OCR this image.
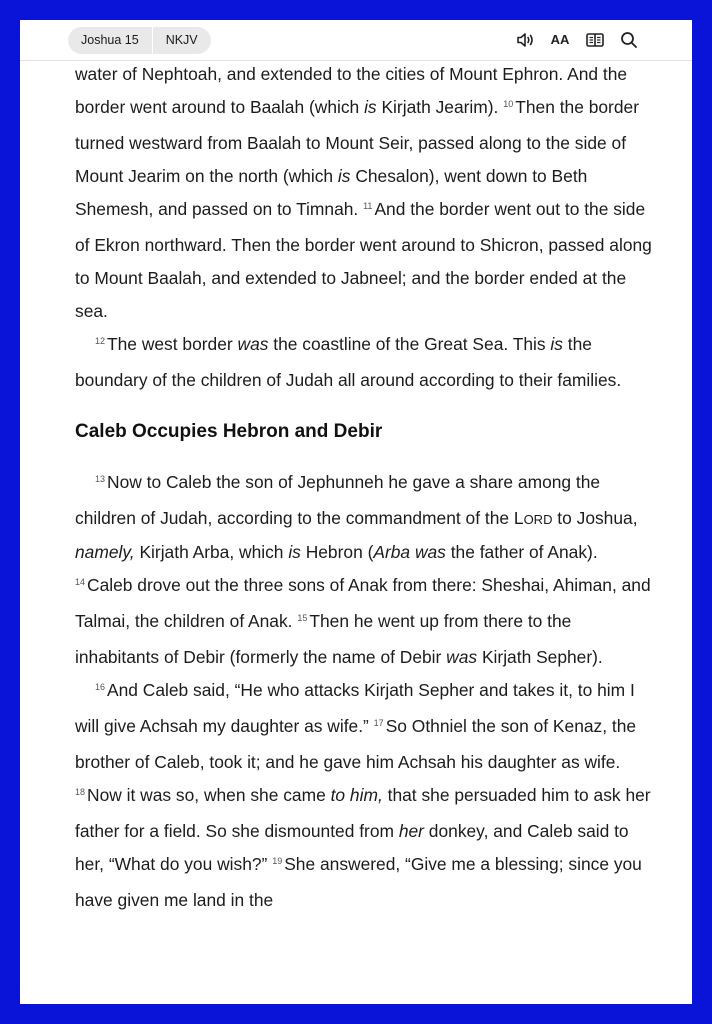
Joshua 15	NKJV	AA

water of Nephtoah, and extended to the cities of Mount Ephron. And the border went around to Baalah (which is Kirjath Jearim). $^{10}$ Then the border turned westward from Baalah to Mount Seir, passed along to the side of Mount Jearim on the north (which is Chesalon), went down to Beth Shemesh, and passed on to Timnah. $^{11}$ And the border went out to the side of Ekron northward. Then the border went around to Shicron, passed along to Mount Baalah, and extended to Jabneel; and the border ended at the sea.

$^{12}$ The west border was the coastline of the Great Sea. This is the boundary of the children of Judah all around according to their families.

Caleb Occupies Hebron and Debir

$^{13}$ Now to Caleb the son of Jephunneh he gave a share among the children of Judah, according to the commandment of the LORD to Joshua, namely, Kirjath Arba, which is Hebron (Arba was the father of Anak). $^{14}$ Caleb drove out the three sons of Anak from there: Sheshai, Ahiman, and Talmai, the children of Anak. $^{15}$ Then he went up from there to the inhabitants of Debir (formerly the name of Debir was Kirjath Sepher).

$^{16}$ And Caleb said, “He who attacks Kirjath Sepher and takes it, to him I will give Achsah my daughter as wife.” $^{17}$ So Othniel the son of Kenaz, the brother of Caleb, took it; and he gave him Achsah his daughter as wife. $^{18}$ Now it was so, when she came to him, that she persuaded him to ask her father for a field. So she dismounted from her donkey, and Caleb said to her, “What do you wish?” $^{19}$ She answered, “Give me a blessing; since you have given me land in the
